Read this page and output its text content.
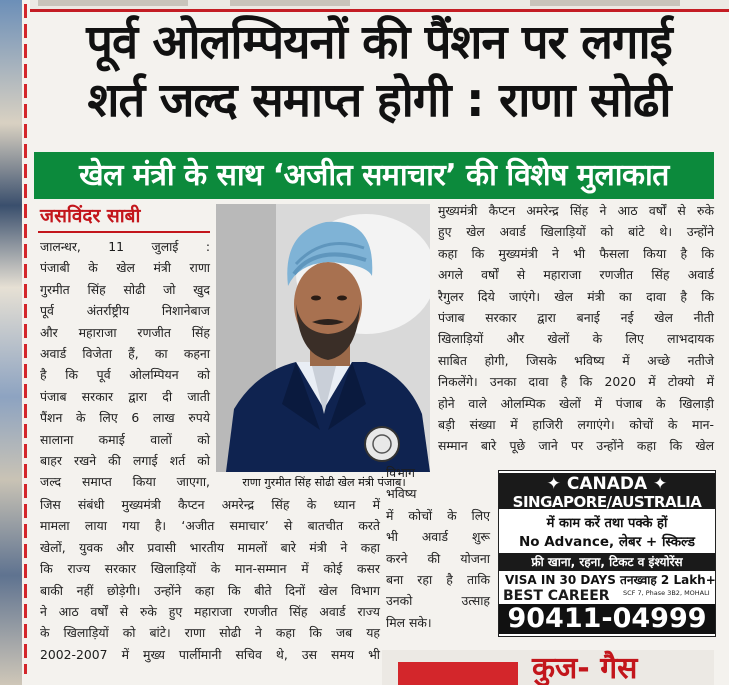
पूर्व ओलम्पियनों की पैंशन पर लगाई
शर्त जल्द समाप्त होगी : राणा सोढी
खेल मंत्री के साथ ‘अजीत समाचार’ की विशेष मुलाकात
जसविंदर साबी

जालन्धर, 11 जुलाई :

पंजाबी के खेल मंत्री राणा

गुरमीत सिंह सोढी जो खुद

पूर्व अंतर्राष्ट्रीय निशानेबाज

और महाराजा रणजीत सिंह

अवार्ड विजेता हैं, का कहना

है कि पूर्व ओलम्पियन को

पंजाब सरकार द्वारा दी जाती

पैंशन के लिए 6 लाख रुपये

सालाना कमाई वालों को

बाहर रखने की लगाई शर्त को

जल्द समाप्त किया जाएगा,	राणा गुरमीत सिंह सोढी खेल मंत्री पंजाब।

मुख्यमंत्री कैप्टन अमरेन्द्र सिंह ने आठ वर्षों से रुके

हुए खेल अवार्ड खिलाड़ियों को बांटे थे। उन्होंने

कहा कि मुख्यमंत्री ने भी फैसला किया है कि

अगले वर्षों से महाराजा रणजीत सिंह अवार्ड

रैगुलर दिये जाएंगे। खेल मंत्री का दावा है कि

पंजाब सरकार द्वारा बनाई नई खेल नीती

खिलाड़ियों और खेलों के लिए लाभदायक

साबित होगी, जिसके भविष्य में अच्छे नतीजे

निकलेंगे। उनका दावा है कि 2020 में टोक्यो में

होने वाले ओलम्पिक खेलों में पंजाब के खिलाड़ी

बड़ी संख्या में हाजिरी लगाएंगे। कोचों के मान-

सम्मान बारे पूछे जाने पर उन्होंने कहा कि खेल

जिस संबंधी मुख्यमंत्री कैप्टन अमरेन्द्र सिंह के ध्यान में

मामला लाया गया है। ‘अजीत समाचार’ से बातचीत करते

खेलों, युवक और प्रवासी भारतीय मामलों बारे मंत्री ने कहा

कि राज्य सरकार खिलाड़ियों के मान-सम्मान में कोई कसर

बाकी नहीं छोड़ेगी। उन्होंने कहा कि बीते दिनों खेल विभाग

ने आठ वर्षों से रुके हुए महाराजा रणजीत सिंह अवार्ड राज्य

के खिलाड़ियों को बांटे। राणा सोढी ने कहा कि जब यह

2002-2007 में मुख्य पार्लीमानी सचिव थे, उस समय भी

विभाग

भविष्य

में कोचों के लिए

भी अवार्ड शुरू

करने की योजना

बना रहा है ताकि

उनको उत्साह

मिल सके।

✦ CANADA ✦
SINGAPORE/AUSTRALIA
में काम करें तथा पक्के हों
No Advance, लेबर + स्किल्ड
फ्री खाना, रहना, टिकट व इंश्योरेंस
VISA IN 30 DAYS तनख्वाह 2 Lakh+
BEST CAREER SCF 7, Phase 3B2, MOHALI
90411-04999
कुज- गैस
